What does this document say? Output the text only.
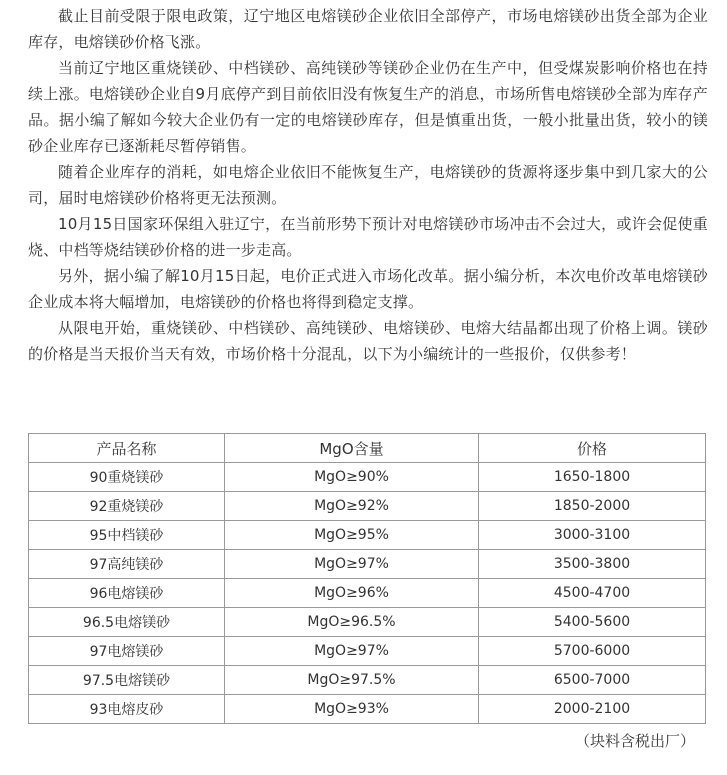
截止目前受限于限电政策，辽宁地区电熔镁砂企业依旧全部停产，市场电熔镁砂出货全部为企业库存，电熔镁砂价格飞涨。

当前辽宁地区重烧镁砂、中档镁砂、高纯镁砂等镁砂企业仍在生产中，但受煤炭影响价格也在持续上涨。电熔镁砂企业自9月底停产到目前依旧没有恢复生产的消息，市场所售电熔镁砂全部为库存产品。据小编了解如今较大企业仍有一定的电熔镁砂库存，但是慎重出货，一般小批量出货，较小的镁砂企业库存已逐渐耗尽暂停销售。

随着企业库存的消耗，如电熔企业依旧不能恢复生产，电熔镁砂的货源将逐步集中到几家大的公司，届时电熔镁砂价格将更无法预测。

10月15日国家环保组入驻辽宁，在当前形势下预计对电熔镁砂市场冲击不会过大，或许会促使重烧、中档等烧结镁砂价格的进一步走高。

另外，据小编了解10月15日起，电价正式进入市场化改革。据小编分析，本次电价改革电熔镁砂企业成本将大幅增加，电熔镁砂的价格也将得到稳定支撑。

从限电开始，重烧镁砂、中档镁砂、高纯镁砂、电熔镁砂、电熔大结晶都出现了价格上调。镁砂的价格是当天报价当天有效，市场价格十分混乱，以下为小编统计的一些报价，仅供参考！

产品名称	MgO含量	价格
90重烧镁砂	MgO≥90%	1650-1800
92重烧镁砂	MgO≥92%	1850-2000
95中档镁砂	MgO≥95%	3000-3100
97高纯镁砂	MgO≥97%	3500-3800
96电熔镁砂	MgO≥96%	4500-4700
96.5电熔镁砂	MgO≥96.5%	5400-5600
97电熔镁砂	MgO≥97%	5700-6000
97.5电熔镁砂	MgO≥97.5%	6500-7000
93电熔皮砂	MgO≥93%	2000-2100
（块料含税出厂）
